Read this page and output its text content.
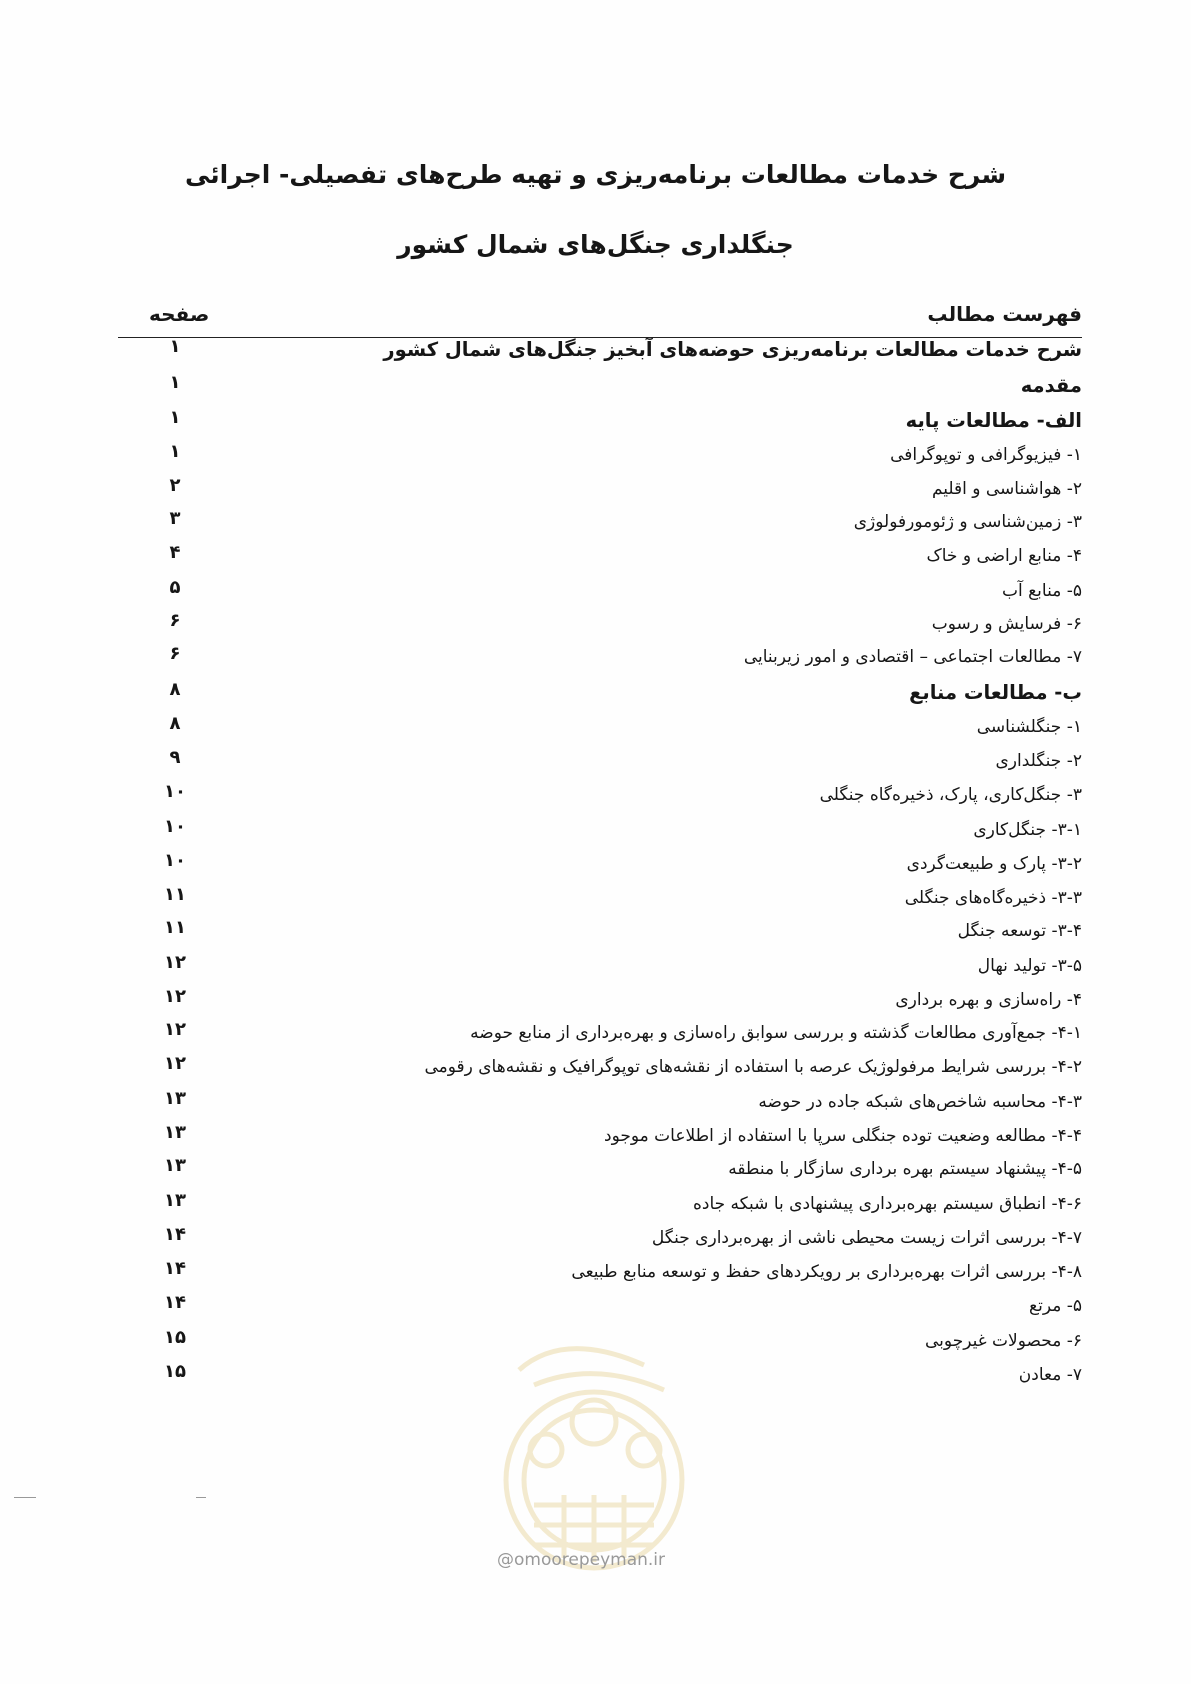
شرح خدمات مطالعات برنامه‌ریزی و تهیه طرح‌های تفصیلی- اجرائی
جنگلداری جنگل‌های شمال کشور
فهرست مطالب
صفحه
شرح خدمات مطالعات برنامه‌ریزی حوضه‌های آبخیز جنگل‌های شمال کشور
۱
مقدمه
۱
الف- مطالعات پایه
۱
۱- فیزیوگرافی و توپوگرافی
۱
۲- هواشناسی و اقلیم
۲
۳- زمین‌شناسی و ژئومورفولوژی
۳
۴- منابع اراضی و خاک
۴
۵- منابع آب
۵
۶- فرسایش و رسوب
۶
۷- مطالعات اجتماعی – اقتصادی و امور زیربنایی
۶
ب- مطالعات منابع
۸
۱- جنگلشناسی
۸
۲- جنگلداری
۹
۳- جنگل‌کاری، پارک، ذخیره‌گاه جنگلی
۱۰
۳-۱- جنگل‌کاری
۱۰
۳-۲- پارک و طبیعت‌گردی
۱۰
۳-۳- ذخیره‌گاه‌های جنگلی
۱۱
۳-۴- توسعه جنگل
۱۱
۳-۵- تولید نهال
۱۲
۴- راه‌سازی و بهره برداری
۱۲
۴-۱- جمع‌آوری مطالعات گذشته و بررسی سوابق راه‌سازی و بهره‌برداری از منابع حوضه
۱۲
۴-۲- بررسی شرایط مرفولوژیک عرصه با استفاده از نقشه‌های توپوگرافیک و نقشه‌های رقومی
۱۲
۴-۳- محاسبه شاخص‌های شبکه جاده در حوضه
۱۳
۴-۴- مطالعه وضعیت توده جنگلی سرپا با استفاده از اطلاعات موجود
۱۳
۴-۵- پیشنهاد سیستم بهره برداری سازگار با منطقه
۱۳
۴-۶- انطباق سیستم بهره‌برداری پیشنهادی با شبکه جاده
۱۳
۴-۷- بررسی اثرات زیست محیطی ناشی از بهره‌برداری جنگل
۱۴
۴-۸- بررسی اثرات بهره‌برداری بر رویکردهای حفظ و توسعه منابع طبیعی
۱۴
۵- مرتع
۱۴
۶- محصولات غیرچوبی
۱۵
۷- معادن
۱۵
@omoorepeyman.ir
